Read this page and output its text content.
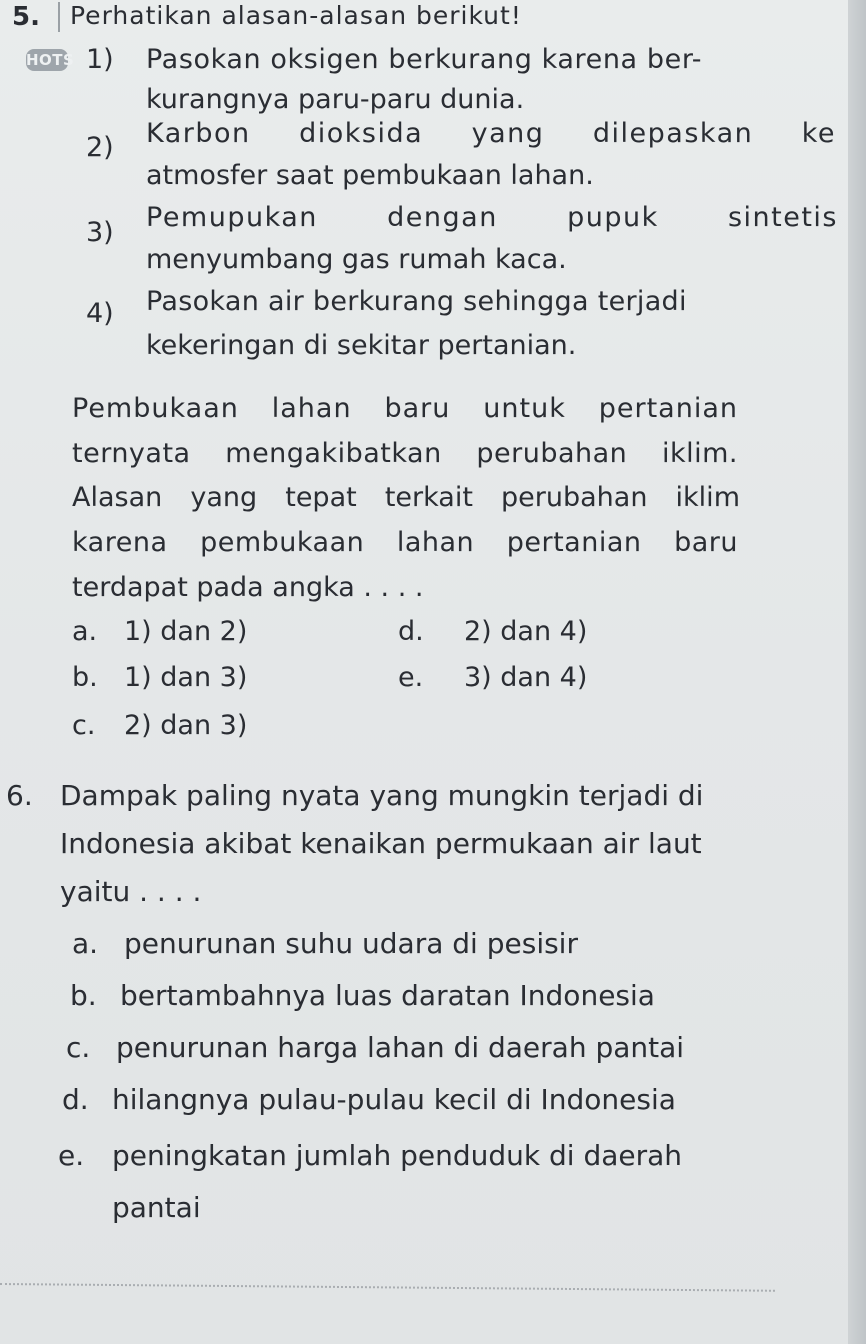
5.	Perhatikan alasan-alasan berikut!
HOTS 1) Pasokan oksigen berkurang karena ber-
kurangnya paru-paru dunia.
2) Karbon dioksida yang dilepaskan ke
atmosfer saat pembukaan lahan.
3) Pemupukan dengan pupuk sintetis
menyumbang gas rumah kaca.
4) Pasokan air berkurang sehingga terjadi
kekeringan di sekitar pertanian.
Pembukaan lahan baru untuk pertanian
ternyata mengakibatkan perubahan iklim.
Alasan yang tepat terkait perubahan iklim
karena pembukaan lahan pertanian baru
terdapat pada angka . . . .
a. 1) dan 2)
b. 1) dan 3)
c. 2) dan 3)
d. 2) dan 4)
e. 3) dan 4)
6. Dampak paling nyata yang mungkin terjadi di
Indonesia akibat kenaikan permukaan air laut
yaitu . . . .
a. penurunan suhu udara di pesisir
b. bertambahnya luas daratan Indonesia
c. penurunan harga lahan di daerah pantai
d. hilangnya pulau-pulau kecil di Indonesia
e. peningkatan jumlah penduduk di daerah
pantai
